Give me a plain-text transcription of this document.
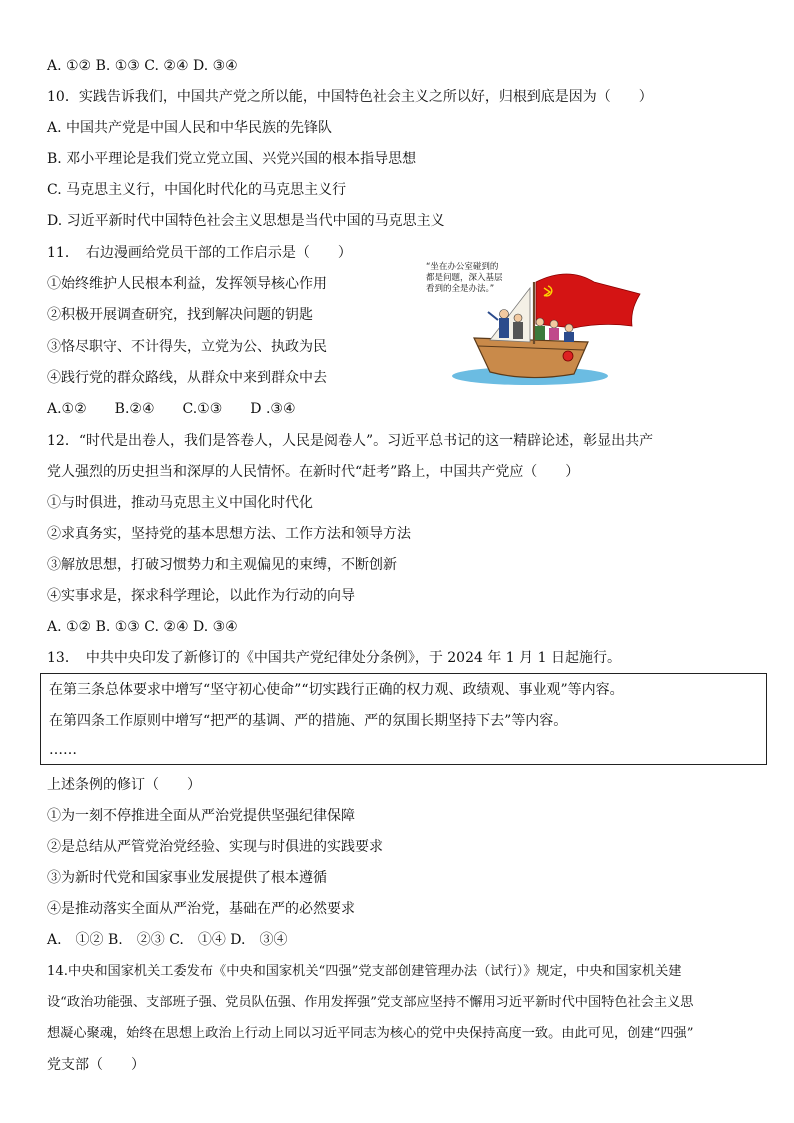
A. ①② B. ①③ C. ②④ D. ③④
10．实践告诉我们，中国共产党之所以能，中国特色社会主义之所以好，归根到底是因为（　　）
A. 中国共产党是中国人民和中华民族的先锋队
B. 邓小平理论是我们党立党立国、兴党兴国的根本指导思想
C. 马克思主义行，中国化时代化的马克思主义行
D. 习近平新时代中国特色社会主义思想是当代中国的马克思主义
11．　右边漫画给党员干部的工作启示是（　　）
①始终维护人民根本利益，发挥领导核心作用
②积极开展调查研究，找到解决问题的钥匙
③恪尽职守、不计得失，立党为公、执政为民
④践行党的群众路线，从群众中来到群众中去
A.①②　　B.②④　　C.①③　　D .③④
“坐在办公室碰到的
都是问题，深入基层
看到的全是办法。”
12．“时代是出卷人，我们是答卷人，人民是阅卷人”。习近平总书记的这一精辟论述，彰显出共产
党人强烈的历史担当和深厚的人民情怀。在新时代“赶考”路上，中国共产党应（　　）
①与时俱进，推动马克思主义中国化时代化
②求真务实，坚持党的基本思想方法、工作方法和领导方法
③解放思想，打破习惯势力和主观偏见的束缚，不断创新
④实事求是，探求科学理论，以此作为行动的向导
A. ①② B. ①③ C. ②④ D. ③④
13．　中共中央印发了新修订的《中国共产党纪律处分条例》，于 2024 年 1 月 1 日起施行。
在第三条总体要求中增写“坚守初心使命”“切实践行正确的权力观、政绩观、事业观”等内容。
在第四条工作原则中增写“把严的基调、严的措施、严的氛围长期坚持下去”等内容。
……
上述条例的修订（　　）
①为一刻不停推进全面从严治党提供坚强纪律保障
②是总结从严管党治党经验、实现与时俱进的实践要求
③为新时代党和国家事业发展提供了根本遵循
④是推动落实全面从严治党，基础在严的必然要求
A.　①② B.　②③ C.　①④ D.　③④
14.中央和国家机关工委发布《中央和国家机关“四强”党支部创建管理办法（试行）》规定，中央和国家机关建
设“政治功能强、支部班子强、党员队伍强、作用发挥强”党支部应坚持不懈用习近平新时代中国特色社会主义思
想凝心聚魂，始终在思想上政治上行动上同以习近平同志为核心的党中央保持高度一致。由此可见，创建“四强”
党支部（　　）
